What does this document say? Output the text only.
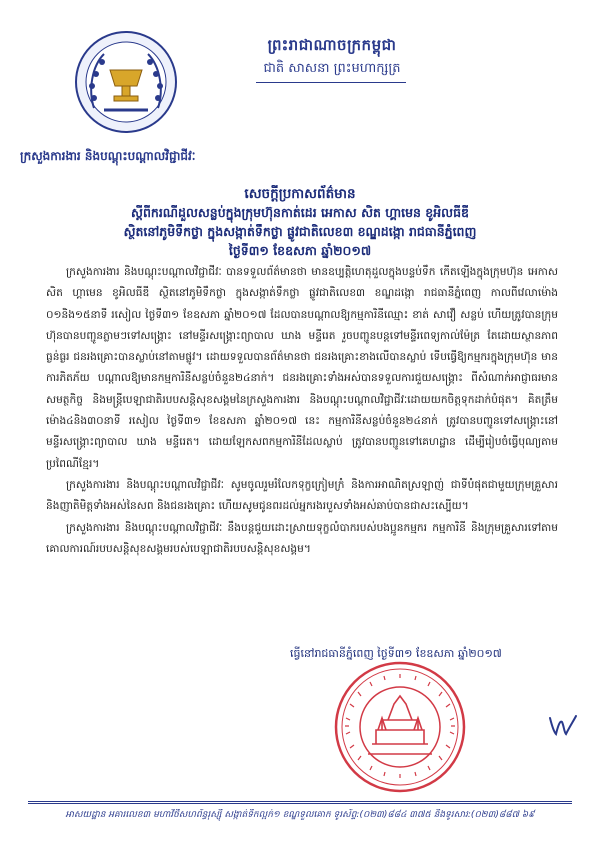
ព្រះរាជាណាចក្រកម្ពុជា
ជាតិ សាសនា ព្រះមហាក្សត្រ
ក្រសួងការងារ និងបណ្តុះបណ្តាលវិជ្ជាជីវៈ
សេចក្តីប្រកាសព័ត៌មាន
ស្តីពីករណីដួលសន្លប់ក្នុងក្រុមហ៊ុនកាត់ដេរ អេកាស សិត ហ្គាមេន ខូអិលធីឌី
ស្ថិតនៅភូមិទឹកថ្លា ក្នុងសង្កាត់ទឹកថ្លា ផ្លូវជាតិលេខ៣ ខណ្ឌដង្កោ រាជធានីភ្នំពេញ
ថ្ងៃទី៣១ ខែឧសភា ឆ្នាំ២០១៧

ក្រសួងការងារ និងបណ្តុះបណ្តាលវិជ្ជាជីវៈ បានទទួលព័ត៌មានថា មានឧប្បត្តិហេតុដួលក្នុងបន្ទប់ទឹក កើតឡើងក្នុងក្រុមហ៊ុន អេកាស សិត ហ្គាមេន ខូអិលធីឌី ស្ថិតនៅភូមិទឹកថ្លា ក្នុងសង្កាត់ទឹកថ្លា ផ្លូវជាតិលេខ៣ ខណ្ឌដង្កោ រាជធានីភ្នំពេញ កាលពីវេលាម៉ោង ០១និង១៥នាទី រសៀល ថ្ងៃទី៣១ ខែឧសភា ឆ្នាំ២០១៧ ដែលបានបណ្តាលឱ្យកម្មការិនីឈ្មោះ ខាត់ សាវឿ សន្លប់ ហើយត្រូវបានក្រុមហ៊ុនបានបញ្ជូនភ្លាមៗទៅសង្គ្រោះ នៅមន្ទីរសង្គ្រោះព្យាបាល ឃាង មន្ទីរេត រួចបញ្ជូនបន្តទៅមន្ទីរពេទ្យកាល់ម៉ែត្រ តែដោយស្ថានភាពធ្ងន់ធ្ងរ ជនរងគ្រោះបានស្លាប់នៅតាមផ្លូវ។ ដោយទទួលបានព័ត៌មានថា ជនរងគ្រោះខាងលើបានស្លាប់ ទើបធ្វើឱ្យកម្មករក្នុងក្រុមហ៊ុន មានការភិតភ័យ បណ្តាលឱ្យមានកម្មការិនីសន្លប់ចំនួន២៤នាក់។ ជនរងគ្រោះទាំងអស់បានទទួលការជួយសង្គ្រោះ ពីសំណាក់អាជ្ញាធរមានសមត្ថកិច្ច និងមន្ត្រីបេឡាជាតិរបបសន្តិសុខសង្គមនៃក្រសួងការងារ និងបណ្តុះបណ្តាលវិជ្ជាជីវៈដោយយកចិត្តទុកដាក់បំផុត។ គិតត្រឹមម៉ោង៤និង៣០នាទី រសៀល ថ្ងៃទី៣១ ខែឧសភា ឆ្នាំ២០១៧ នេះ កម្មការិនីសន្លប់ចំនួន២៤នាក់ ត្រូវបានបញ្ជូនទៅសង្គ្រោះនៅមន្ទីរសង្គ្រោះព្យាបាល ឃាង មន្ទីរេត។ ដោយឡែកសពកម្មការិនីដែលស្លាប់ ត្រូវបានបញ្ជូនទៅគេហដ្ឋាន ដើម្បីរៀបចំធ្វើបុណ្យតាមប្រពៃណីខ្មែរ។

ក្រសួងការងារ និងបណ្តុះបណ្តាលវិជ្ជាជីវៈ សូមចូលរួមរំលែកទុក្ខក្រៀមក្រំ និងការអាណិតស្រឡាញ់ ជាទីបំផុតជាមួយក្រុមគ្រួសារ និងញាតិមិត្តទាំងអស់នៃសព និងជនរងគ្រោះ ហើយសូមជូនពរដល់អ្នករងរបួសទាំងអស់ឆាប់បានជាសះស្បើយ។

ក្រសួងការងារ និងបណ្តុះបណ្តាលវិជ្ជាជីវៈ នឹងបន្តជួយដោះស្រាយទុក្ខលំបាករបស់បងប្អូនកម្មករ កម្មការិនី និងក្រុមគ្រួសារទៅតាមគោលការណ៍របបសន្តិសុខសង្គមរបស់បេឡាជាតិរបបសន្តិសុខសង្គម។

ធ្វើនៅរាជធានីភ្នំពេញ ថ្ងៃទី៣១ ខែឧសភា ឆ្នាំ២០១៧
អាសយដ្ឋាន អគារលេខ៣ មហាវិថីសហព័ន្ធរុស្ស៊ី សង្កាត់ទឹកល្អក់១ ខណ្ឌទួលគោក ទូរស័ព្ទ:(០២៣)៨៨៤ ៣៧៥ និងទូរសារ:(០២៣)៨៨៧ ៦៩
